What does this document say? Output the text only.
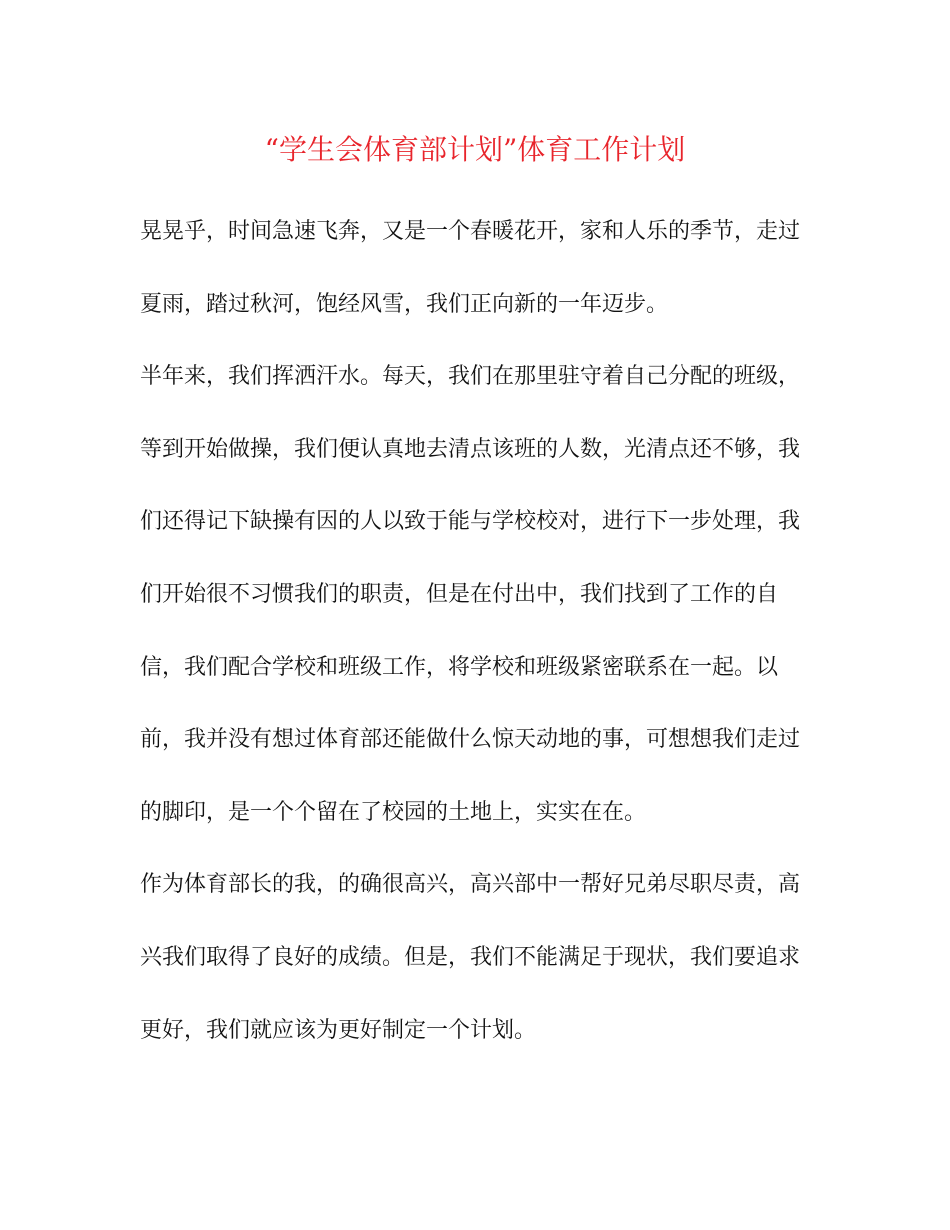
“学生会体育部计划”体育工作计划

晃晃乎，时间急速飞奔，又是一个春暖花开，家和人乐的季节，走过
夏雨，踏过秋河，饱经风雪，我们正向新的一年迈步。

半年来，我们挥洒汗水。每天，我们在那里驻守着自己分配的班级，
等到开始做操，我们便认真地去清点该班的人数，光清点还不够，我
们还得记下缺操有因的人以致于能与学校校对，进行下一步处理，我
们开始很不习惯我们的职责，但是在付出中，我们找到了工作的自
信，我们配合学校和班级工作，将学校和班级紧密联系在一起。以
前，我并没有想过体育部还能做什么惊天动地的事，可想想我们走过
的脚印，是一个个留在了校园的土地上，实实在在。

作为体育部长的我，的确很高兴，高兴部中一帮好兄弟尽职尽责，高
兴我们取得了良好的成绩。但是，我们不能满足于现状，我们要追求
更好，我们就应该为更好制定一个计划。
